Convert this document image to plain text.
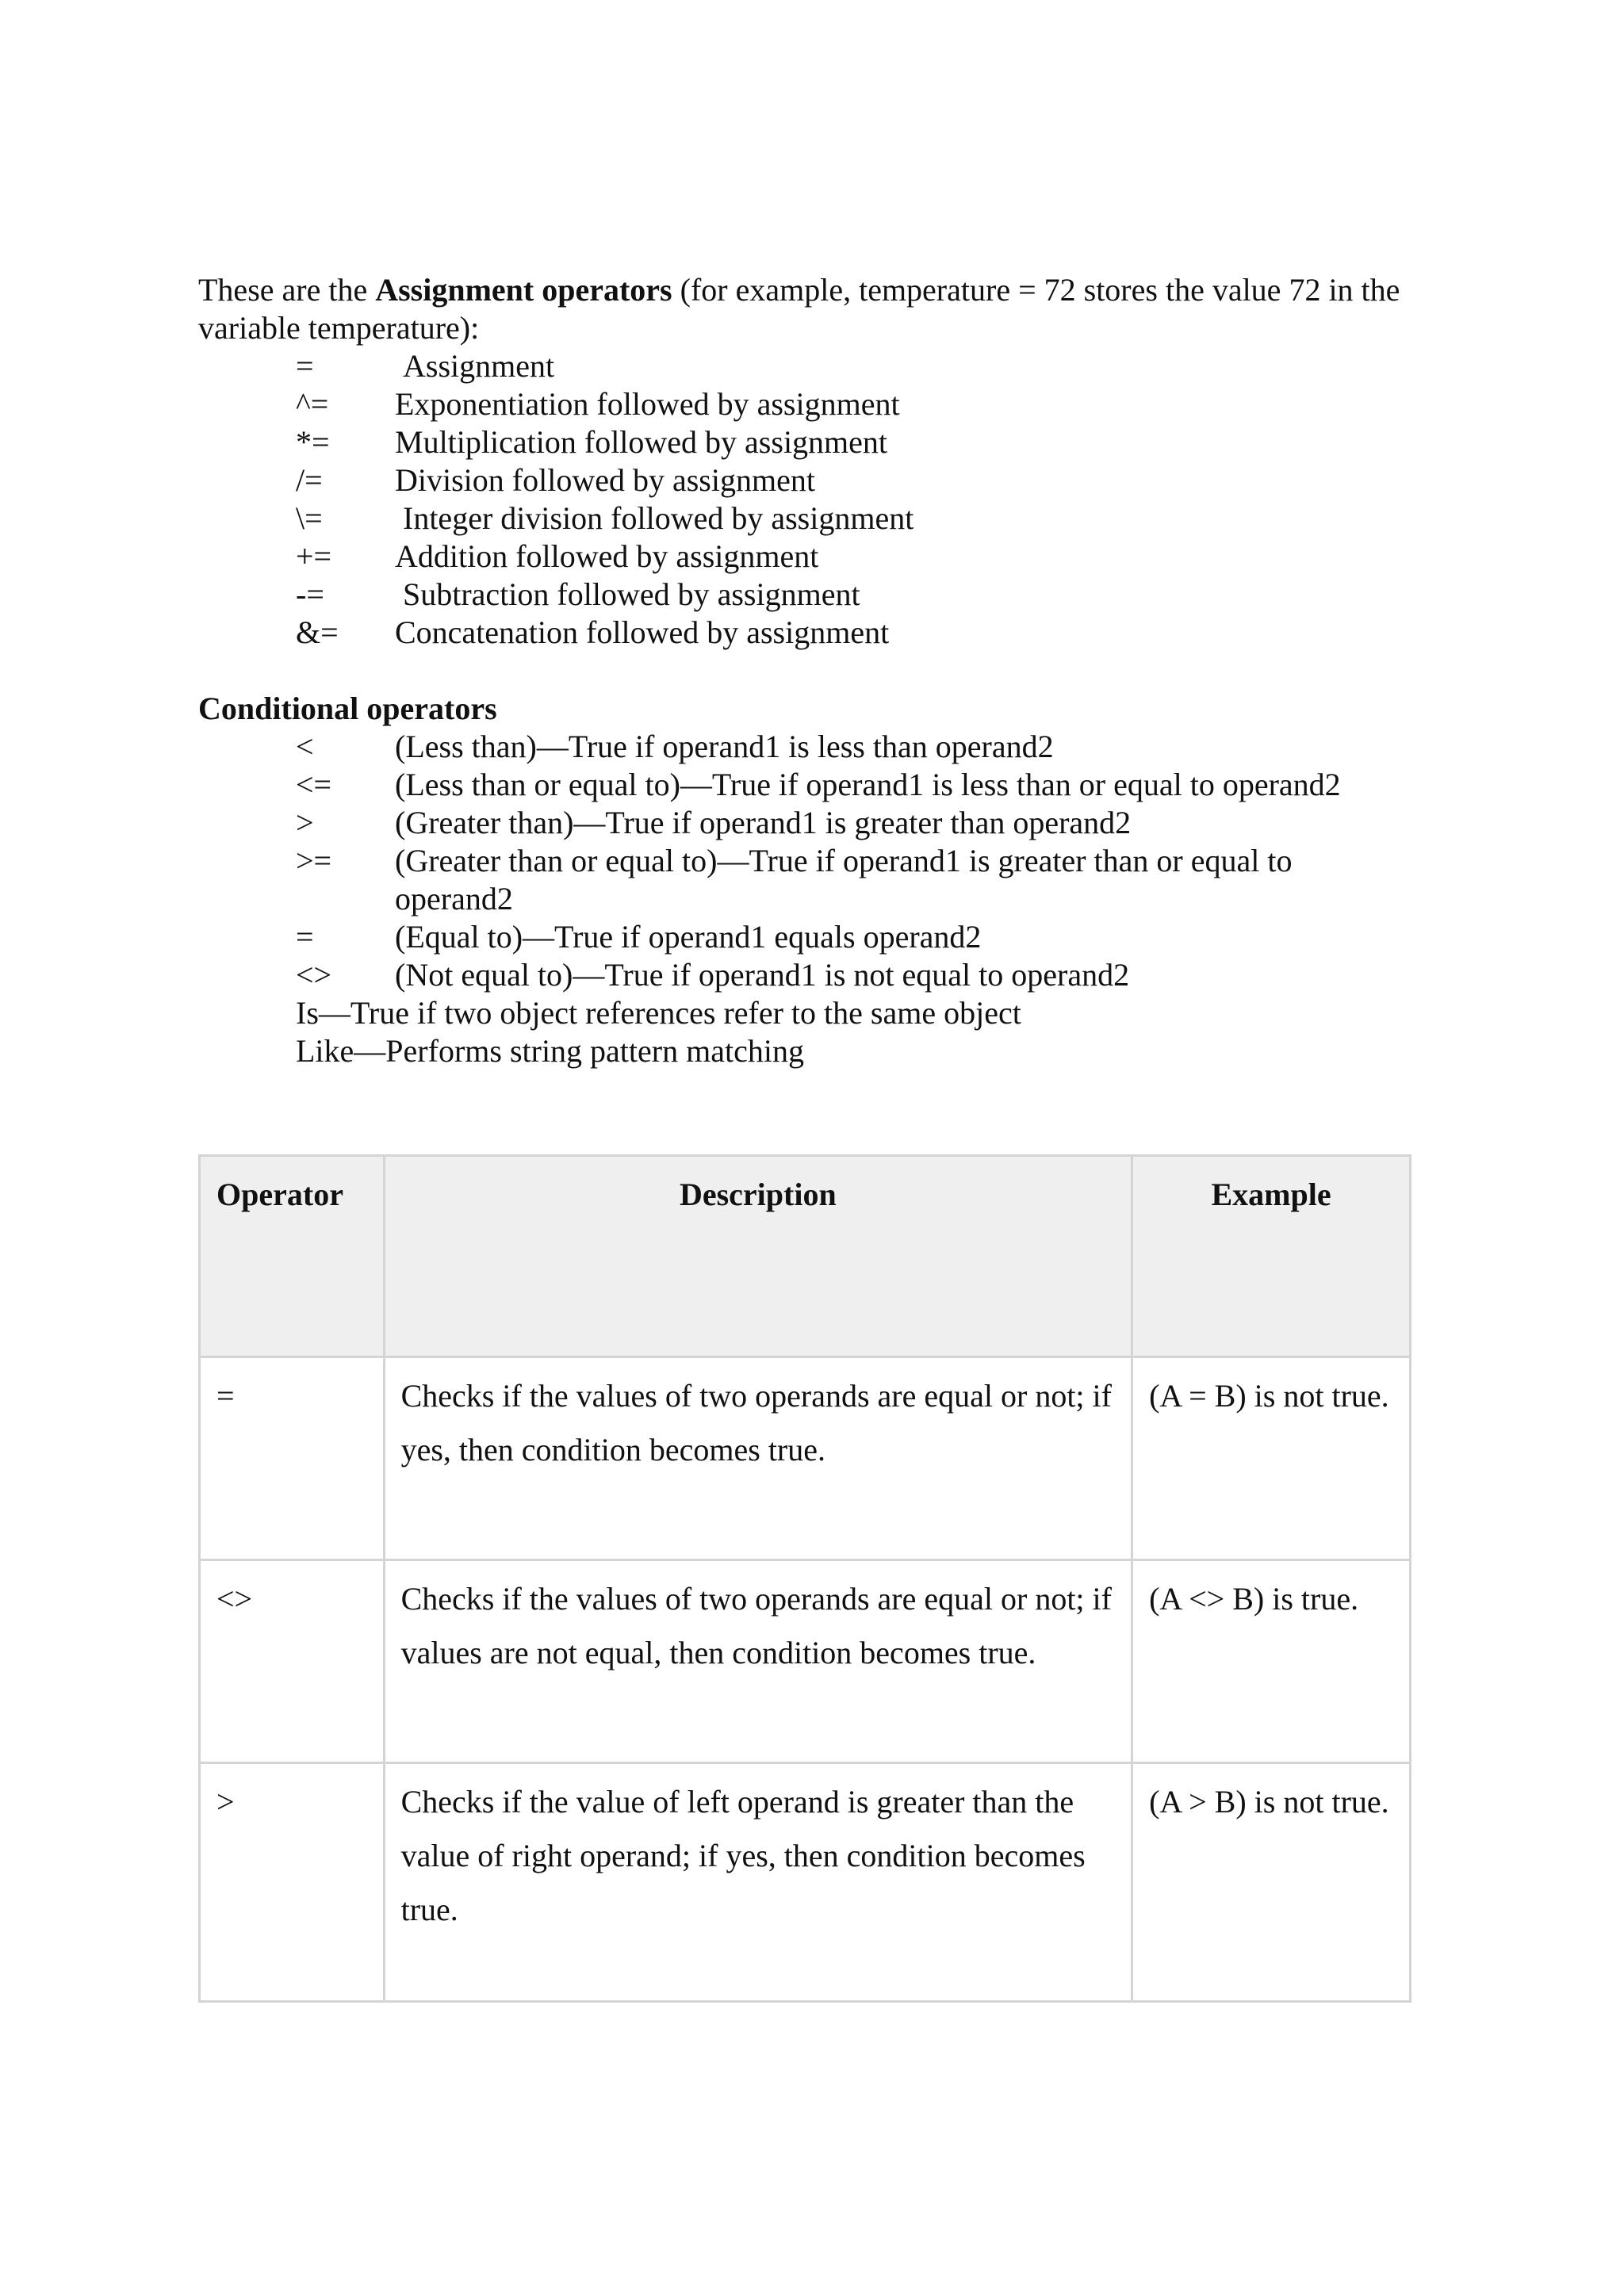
These are the Assignment operators (for example, temperature = 72 stores the value 72 in the variable temperature):
=	Assignment
^=	Exponentiation followed by assignment
*=	Multiplication followed by assignment
/=	Division followed by assignment
\=	Integer division followed by assignment
+=	Addition followed by assignment
-=	Subtraction followed by assignment
&=	Concatenation followed by assignment
Conditional operators
<	(Less than)—True if operand1 is less than operand2
<=	(Less than or equal to)—True if operand1 is less than or equal to operand2
>	(Greater than)—True if operand1 is greater than operand2
>=	(Greater than or equal to)—True if operand1 is greater than or equal to operand2
=	(Equal to)—True if operand1 equals operand2
<>	(Not equal to)—True if operand1 is not equal to operand2
Is—True if two object references refer to the same object
Like—Performs string pattern matching
Operator	Description	Example
=	Checks if the values of two operands are equal or not; if yes, then condition becomes true.	(A = B) is not true.
<>	Checks if the values of two operands are equal or not; if values are not equal, then condition becomes true.	(A <> B) is true.
>	Checks if the value of left operand is greater than the value of right operand; if yes, then condition becomes true.	(A > B) is not true.
